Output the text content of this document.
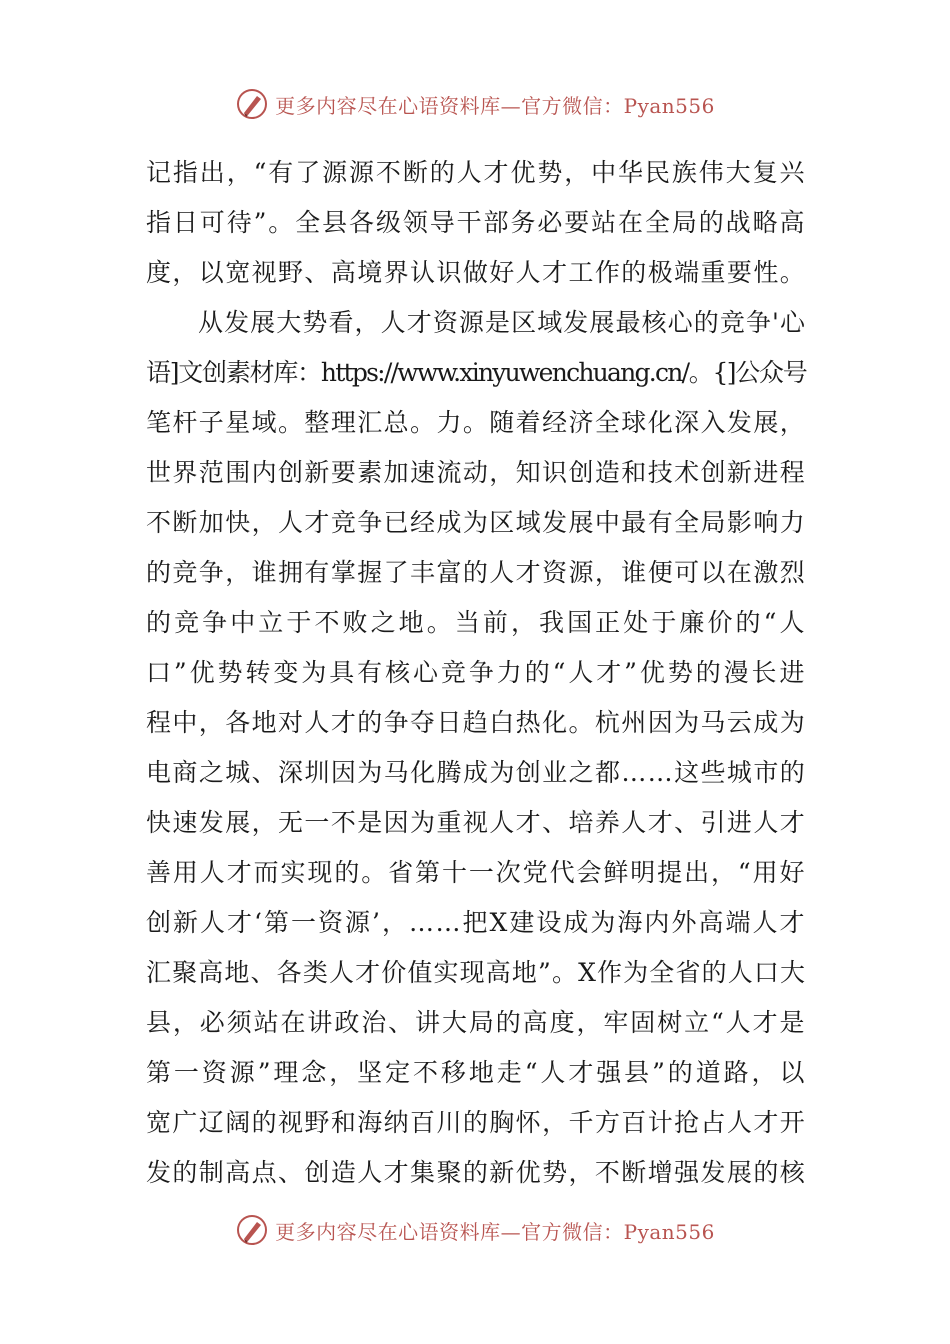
更多内容尽在心语资料库—官方微信：Pyan556
记指出，“有了源源不断的人才优势，中华民族伟大复兴
指日可待”。全县各级领导干部务必要站在全局的战略高
度，以宽视野、高境界认识做好人才工作的极端重要性。
从发展大势看，人才资源是区域发展最核心的竞争'心
语]文创素材库：https://www.xinyuwenchuang.cn/。{]公众号
笔杆子星域。整理汇总。力。随着经济全球化深入发展，
世界范围内创新要素加速流动，知识创造和技术创新进程
不断加快，人才竞争已经成为区域发展中最有全局影响力
的竞争，谁拥有掌握了丰富的人才资源，谁便可以在激烈
的竞争中立于不败之地。当前，我国正处于廉价的“人
口”优势转变为具有核心竞争力的“人才”优势的漫长进
程中，各地对人才的争夺日趋白热化。杭州因为马云成为
电商之城、深圳因为马化腾成为创业之都……这些城市的
快速发展，无一不是因为重视人才、培养人才、引进人才
善用人才而实现的。省第十一次党代会鲜明提出，“用好
创新人才‘第一资源’，……把X建设成为海内外高端人才
汇聚高地、各类人才价值实现高地”。X作为全省的人口大
县，必须站在讲政治、讲大局的高度，牢固树立“人才是
第一资源”理念，坚定不移地走“人才强县”的道路，以
宽广辽阔的视野和海纳百川的胸怀，千方百计抢占人才开
发的制高点、创造人才集聚的新优势，不断增强发展的核
更多内容尽在心语资料库—官方微信：Pyan556
